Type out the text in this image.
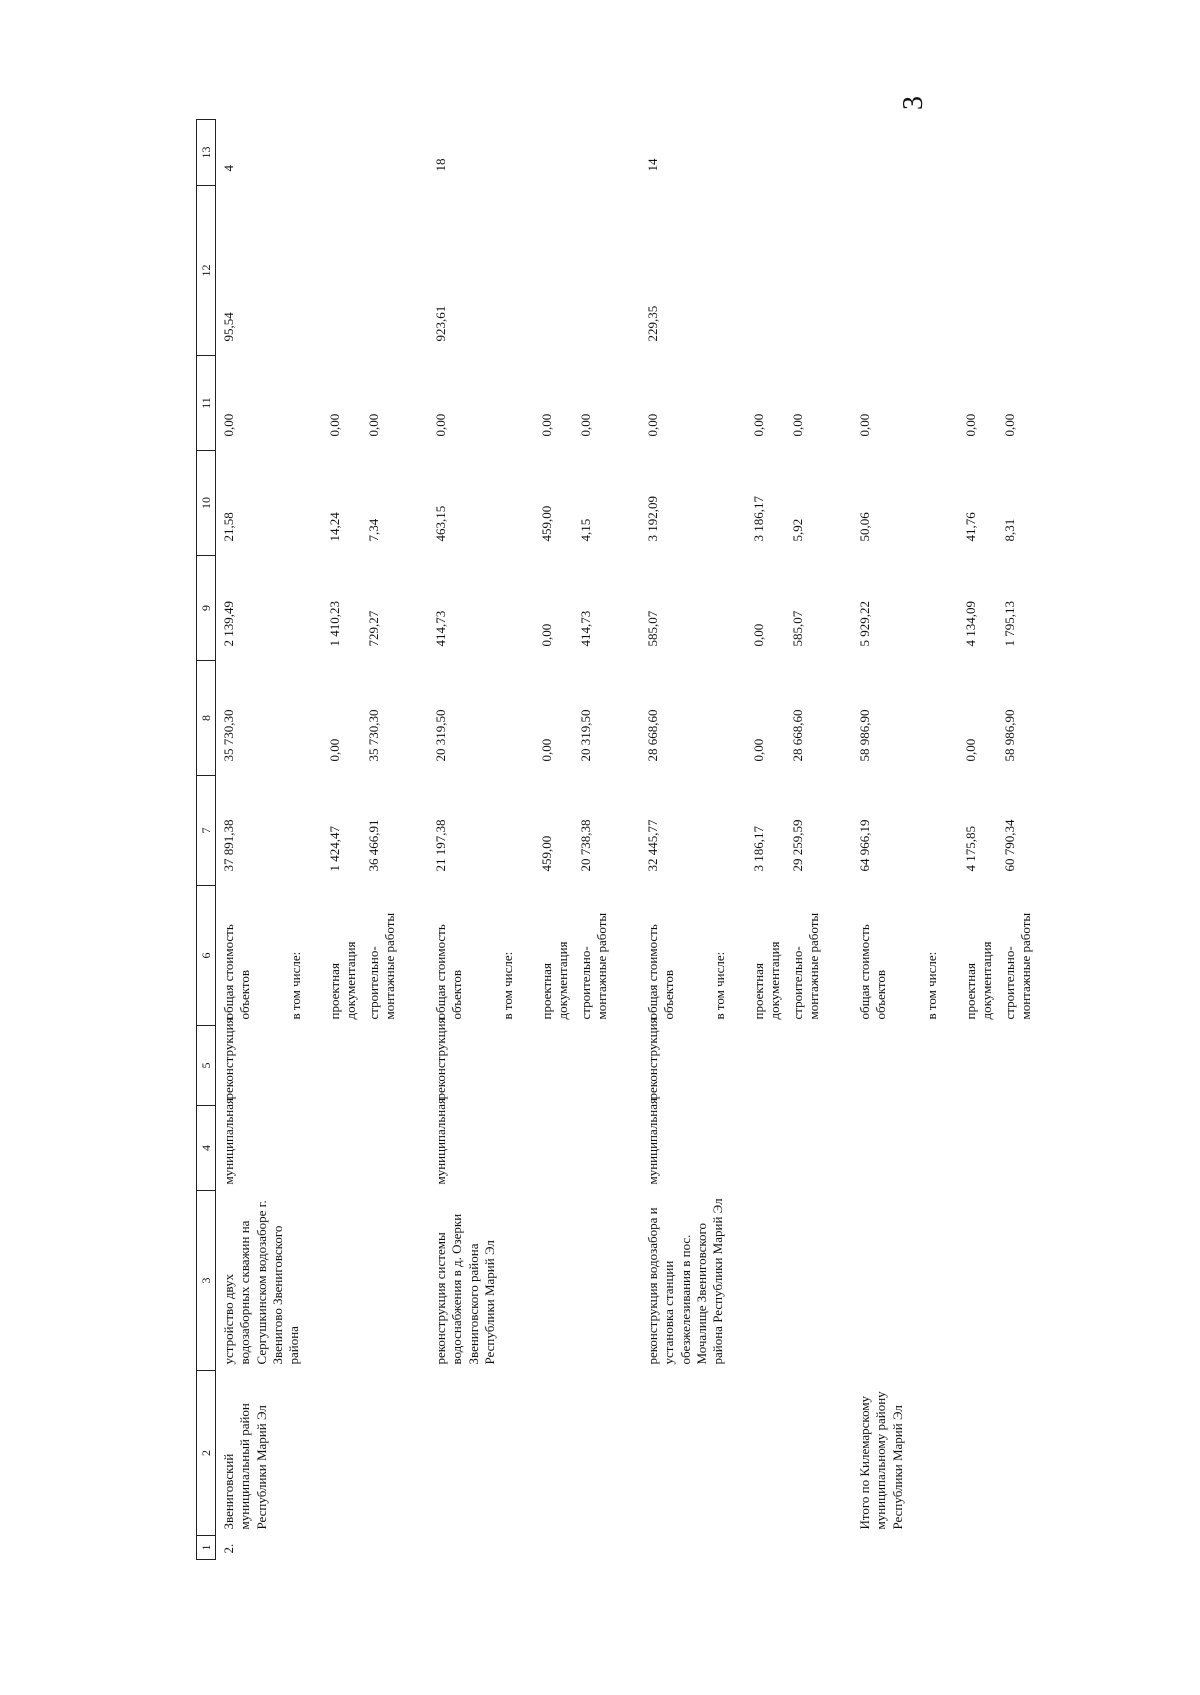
3
1	2	3	4	5	6	7	8	9	10	11	12	13
2.	Звениговский муниципальный район Республики Марий Эл	устройство двух водозаборных скважин на Сергушкинском водозаборе г. Звенигово Звениговского района	муниципальная	реконструкция	общая стоимость объектов	37 891,38	35 730,30	2 139,49	21,58	0,00	95,54	4
					в том числе:							
					проектная документация	1 424,47	0,00	1 410,23	14,24	0,00		
					строительно-монтажные работы	36 466,91	35 730,30	729,27	7,34	0,00		
		реконструкция системы водоснабжения в д. Озерки Звениговского района Республики Марий Эл	муниципальная	реконструкция	общая стоимость объектов	21 197,38	20 319,50	414,73	463,15	0,00	923,61	18
					в том числе:							
					проектная документация	459,00	0,00	0,00	459,00	0,00		
					строительно-монтажные работы	20 738,38	20 319,50	414,73	4,15	0,00		
		реконструкция водозабора и установка станции обезжелезивания в пос. Мочалище Звениговского района Республики Марий Эл	муниципальная	реконструкция	общая стоимость объектов	32 445,77	28 668,60	585,07	3 192,09	0,00	229,35	14
					в том числе:							
					проектная документация	3 186,17	0,00	0,00	3 186,17	0,00		
					строительно-монтажные работы	29 259,59	28 668,60	585,07	5,92	0,00		
	Итого по Килемарскому муниципальному району Республики Марий Эл				общая стоимость объектов	64 966,19	58 986,90	5 929,22	50,06	0,00		
					в том числе:							
					проектная документация	4 175,85	0,00	4 134,09	41,76	0,00		
					строительно-монтажные работы	60 790,34	58 986,90	1 795,13	8,31	0,00		
